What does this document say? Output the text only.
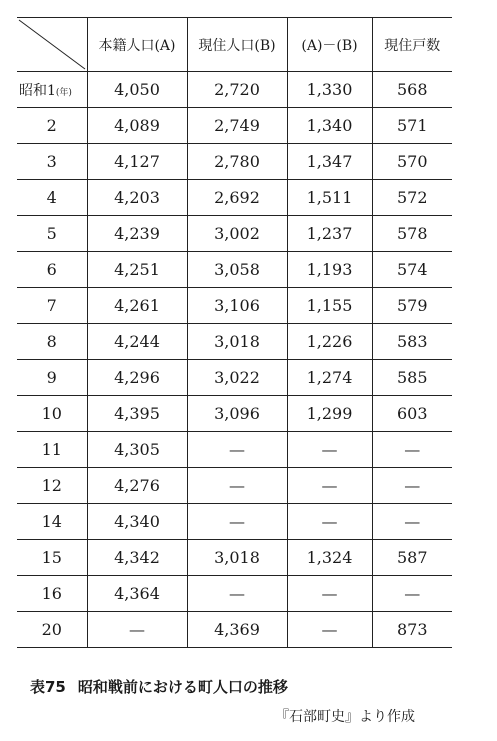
	本籍人口(A)	現住人口(B)	(A)－(B)	現住戸数
昭和1(年)	4,050	2,720	1,330	568
2	4,089	2,749	1,340	571
3	4,127	2,780	1,347	570
4	4,203	2,692	1,511	572
5	4,239	3,002	1,237	578
6	4,251	3,058	1,193	574
7	4,261	3,106	1,155	579
8	4,244	3,018	1,226	583
9	4,296	3,022	1,274	585
10	4,395	3,096	1,299	603
11	4,305	—	—	—
12	4,276	—	—	—
14	4,340	—	—	—
15	4,342	3,018	1,324	587
16	4,364	—	—	—
20	—	4,369	—	873
表75 昭和戦前における町人口の推移
『石部町史』より作成
